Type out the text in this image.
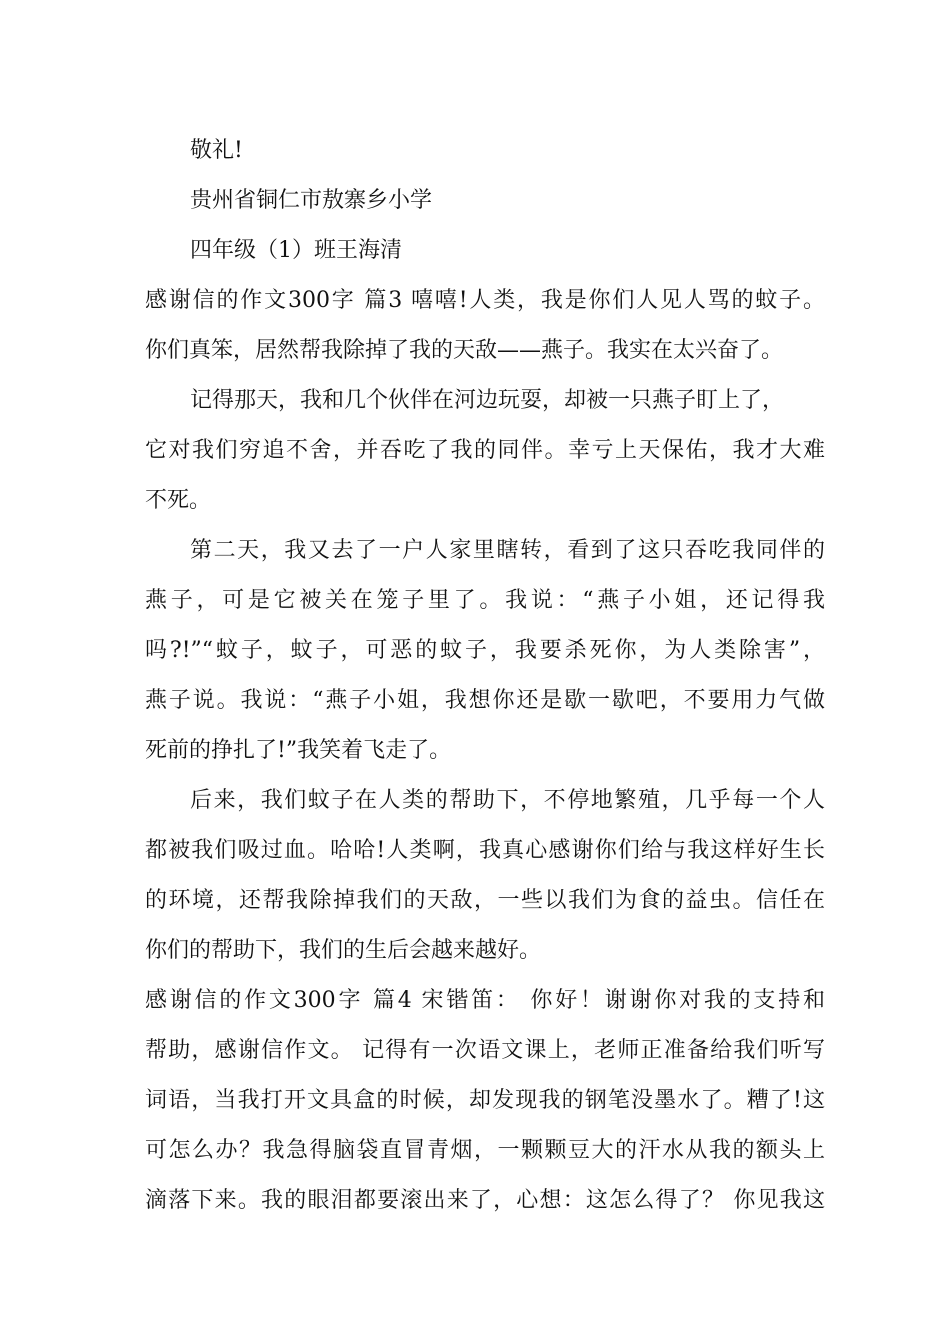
敬礼!
贵州省铜仁市敖寨乡小学
四年级（1）班王海清
感谢信的作文300字 篇3 嘻嘻!人类，我是你们人见人骂的蚊子。
你们真笨，居然帮我除掉了我的天敌——燕子。我实在太兴奋了。
记得那天，我和几个伙伴在河边玩耍，却被一只燕子盯上了，
它对我们穷追不舍，并吞吃了我的同伴。幸亏上天保佑，我才大难
不死。
第二天，我又去了一户人家里瞎转，看到了这只吞吃我同伴的
燕子，可是它被关在笼子里了。我说：“燕子小姐，还记得我
吗?!”“蚊子，蚊子，可恶的蚊子，我要杀死你，为人类除害”，
燕子说。我说：“燕子小姐，我想你还是歇一歇吧，不要用力气做
死前的挣扎了!”我笑着飞走了。
后来，我们蚊子在人类的帮助下，不停地繁殖，几乎每一个人
都被我们吸过血。哈哈!人类啊，我真心感谢你们给与我这样好生长
的环境，还帮我除掉我们的天敌，一些以我们为食的益虫。信任在
你们的帮助下，我们的生后会越来越好。
感谢信的作文300字 篇4 宋锴笛： 你好！谢谢你对我的支持和
帮助，感谢信作文。 记得有一次语文课上，老师正准备给我们听写
词语，当我打开文具盒的时候，却发现我的钢笔没墨水了。糟了!这
可怎么办？我急得脑袋直冒青烟，一颗颗豆大的汗水从我的额头上
滴落下来。我的眼泪都要滚出来了，心想：这怎么得了？ 你见我这
